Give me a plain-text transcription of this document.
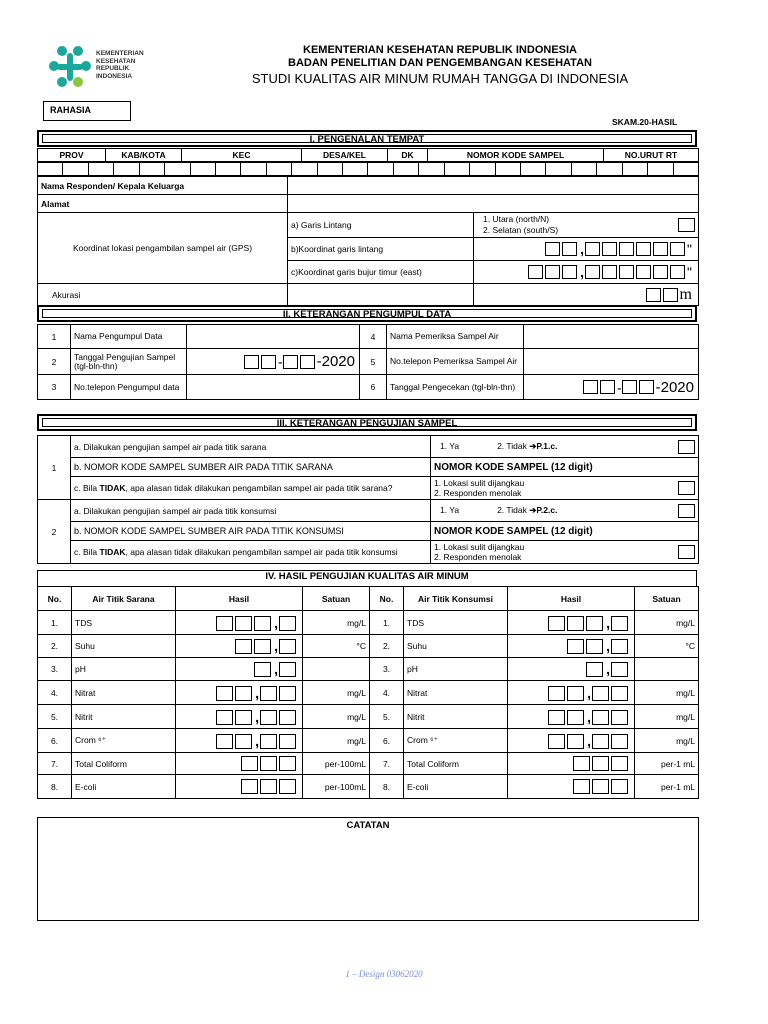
KEMENTERIAN
KESEHATAN
REPUBLIK
INDONESIA
KEMENTERIAN KESEHATAN REPUBLIK INDONESIA
BADAN PENELITIAN DAN PENGEMBANGAN KESEHATAN
STUDI KUALITAS AIR MINUM RUMAH TANGGA DI INDONESIA
RAHASIA
SKAM.20-HASIL
I. PENGENALAN TEMPAT
PROV	KAB/KOTA	KEC	DESA/KEL	DK	NOMOR KODE SAMPEL	NO.URUT RT

Nama Responden/ Kepala Keluarga	
Alamat	
Koordinat lokasi pengambilan sampel air (GPS)	a) Garis Lintang	1. Utara (north/N)
2. Selatan (south/S)	

	b)Koordinat garis lintang	, "	
	c)Koordinat garis bujur timur (east)	, "	
Akurasi		m	
II. KETERANGAN PENGUMPUL DATA
1	Nama Pengumpul Data		4	Nama Pemeriksa Sampel Air	
2	Tanggal Pengujian Sampel (tgl-bln-thn)	- -2020	5	No.telepon Pemeriksa Sampel Air	
3	No.telepon Pengumpul data		6	Tanggal Pengecekan (tgl-bln-thn)	- -2020
III. KETERANGAN PENGUJIAN SAMPEL
1	a. Dilakukan pengujian sampel air pada titik sarana	1. Ya 2. Tidak ➔P.1.c.	
	b. NOMOR KODE SAMPEL SUMBER AIR PADA TITIK SARANA	NOMOR KODE SAMPEL (12 digit)	
	c. Bila TIDAK, apa alasan tidak dilakukan pengambilan sampel air pada titik sarana?	1. Lokasi sulit dijangkau
2. Responden menolak	

2	a. Dilakukan pengujian sampel air pada titik konsumsi	1. Ya 2. Tidak ➔P.2.c.	
	b. NOMOR KODE SAMPEL SUMBER AIR PADA TITIK KONSUMSI	NOMOR KODE SAMPEL (12 digit)	
	c. Bila TIDAK, apa alasan tidak dilakukan pengambilan sampel air pada titik konsumsi	1. Lokasi sulit dijangkau
2. Responden menolak	

IV. HASIL PENGUJIAN KUALITAS AIR MINUM
No.	Air Titik Sarana	Hasil	Satuan	No.	Air Titik Konsumsi	Hasil	Satuan
1.	TDS	,	mg/L	1.	TDS	,	mg/L
2.	Suhu	,	°C	2.	Suhu	,	°C
3.	pH	,		3.	pH	,	
4.	Nitrat	,	mg/L	4.	Nitrat	,	mg/L
5.	Nitrit	,	mg/L	5.	Nitrit	,	mg/L
6.	Crom ⁶⁺	,	mg/L	6.	Crom ⁶⁺	,	mg/L
7.	Total Coliform		per-100mL	7.	Total Coliform		per-1 mL
8.	E-coli		per-100mL	8.	E-coli		per-1 mL
CATATAN
1 – Design 03062020
